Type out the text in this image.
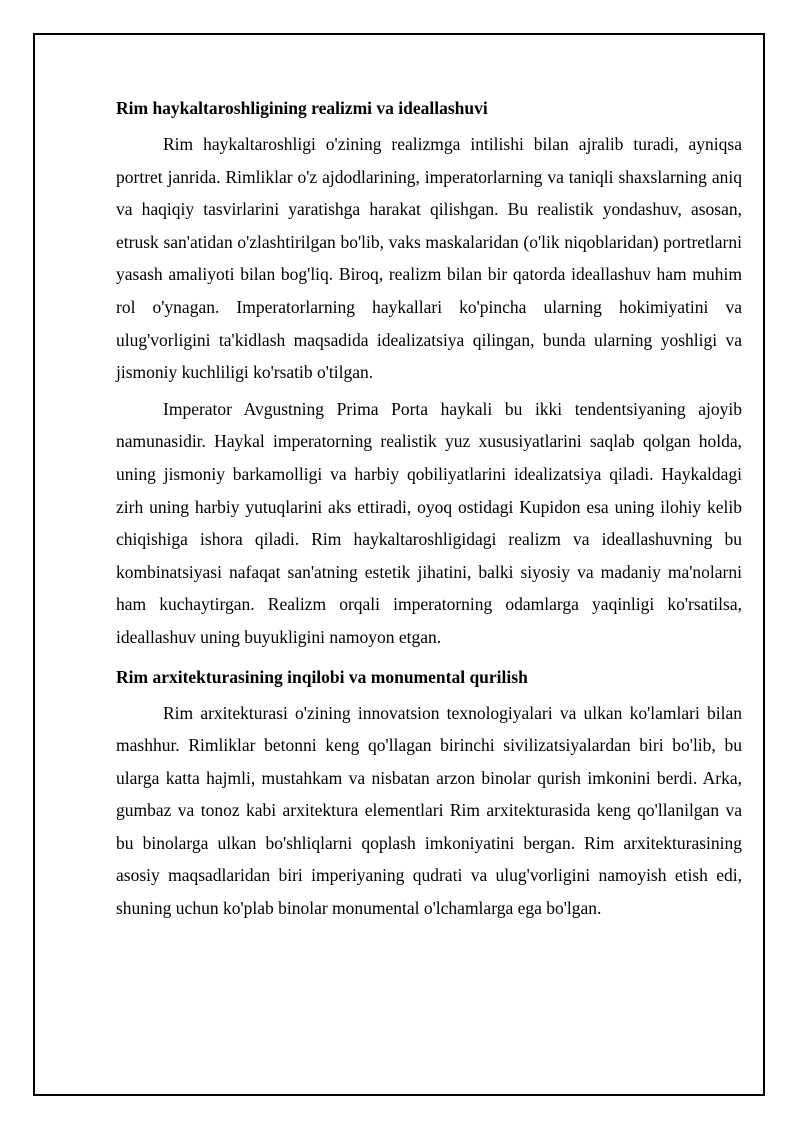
Rim haykaltaroshligining realizmi va ideallashuvi

Rim haykaltaroshligi o'zining realizmga intilishi bilan ajralib turadi, ayniqsa portret janrida. Rimliklar o'z ajdodlarining, imperatorlarning va taniqli shaxslarning aniq va haqiqiy tasvirlarini yaratishga harakat qilishgan. Bu realistik yondashuv, asosan, etrusk san'atidan o'zlashtirilgan bo'lib, vaks maskalaridan (o'lik niqoblaridan) portretlarni yasash amaliyoti bilan bog'liq. Biroq, realizm bilan bir qatorda ideallashuv ham muhim rol o'ynagan. Imperatorlarning haykallari ko'pincha ularning hokimiyatini va ulug'vorligini ta'kidlash maqsadida idealizatsiya qilingan, bunda ularning yoshligi va jismoniy kuchliligi ko'rsatib o'tilgan.

Imperator Avgustning Prima Porta haykali bu ikki tendentsiyaning ajoyib namunasidir. Haykal imperatorning realistik yuz xususiyatlarini saqlab qolgan holda, uning jismoniy barkamolligi va harbiy qobiliyatlarini idealizatsiya qiladi. Haykaldagi zirh uning harbiy yutuqlarini aks ettiradi, oyoq ostidagi Kupidon esa uning ilohiy kelib chiqishiga ishora qiladi. Rim haykaltaroshligidagi realizm va ideallashuvning bu kombinatsiyasi nafaqat san'atning estetik jihatini, balki siyosiy va madaniy ma'nolarni ham kuchaytirgan. Realizm orqali imperatorning odamlarga yaqinligi ko'rsatilsa, ideallashuv uning buyukligini namoyon etgan.

Rim arxitekturasining inqilobi va monumental qurilish

Rim arxitekturasi o'zining innovatsion texnologiyalari va ulkan ko'lamlari bilan mashhur. Rimliklar betonni keng qo'llagan birinchi sivilizatsiyalardan biri bo'lib, bu ularga katta hajmli, mustahkam va nisbatan arzon binolar qurish imkonini berdi. Arka, gumbaz va tonoz kabi arxitektura elementlari Rim arxitekturasida keng qo'llanilgan va bu binolarga ulkan bo'shliqlarni qoplash imkoniyatini bergan. Rim arxitekturasining asosiy maqsadlaridan biri imperiyaning qudrati va ulug'vorligini namoyish etish edi, shuning uchun ko'plab binolar monumental o'lchamlarga ega bo'lgan.
